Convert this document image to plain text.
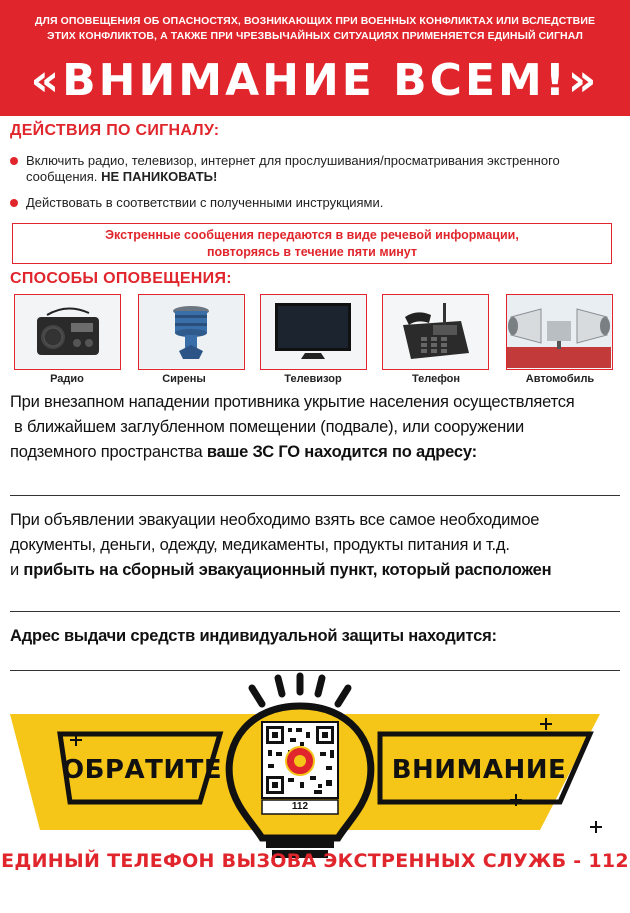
ДЛЯ ОПОВЕЩЕНИЯ ОБ ОПАСНОСТЯХ, ВОЗНИКАЮЩИХ ПРИ ВОЕННЫХ КОНФЛИКТАХ ИЛИ ВСЛЕДСТВИЕ
ЭТИХ КОНФЛИКТОВ, А ТАКЖЕ ПРИ ЧРЕЗВЫЧАЙНЫХ СИТУАЦИЯХ ПРИМЕНЯЕТСЯ ЕДИНЫЙ СИГНАЛ
«ВНИМАНИЕ ВСЕМ!»
ДЕЙСТВИЯ ПО СИГНАЛУ:
Включить радио, телевизор, интернет для прослушивания/просматривания экстренного сообщения. НЕ ПАНИКОВАТЬ!
Действовать в соответствии с полученными инструкциями.
Экстренные сообщения передаются в виде речевой информации,
повторяясь в течение пяти минут
СПОСОБЫ ОПОВЕЩЕНИЯ:
Радио	Сирены	Телевизор	Телефон	Автомобиль
При внезапном нападении противника укрытие населения осуществляется
в ближайшем заглубленном помещении (подвале), или сооружении
подземного пространства ваше ЗС ГО находится по адресу:
При объявлении эвакуации необходимо взять все самое необходимое
документы, деньги, одежду, медикаменты, продукты питания и т.д.
и прибыть на сборный эвакуационный пункт, который расположен
Адрес выдачи средств индивидуальной защиты находится:
112
ОБРАТИТЕ	ВНИМАНИЕ
ЕДИНЫЙ ТЕЛЕФОН ВЫЗОВА ЭКСТРЕННЫХ СЛУЖБ - 112
